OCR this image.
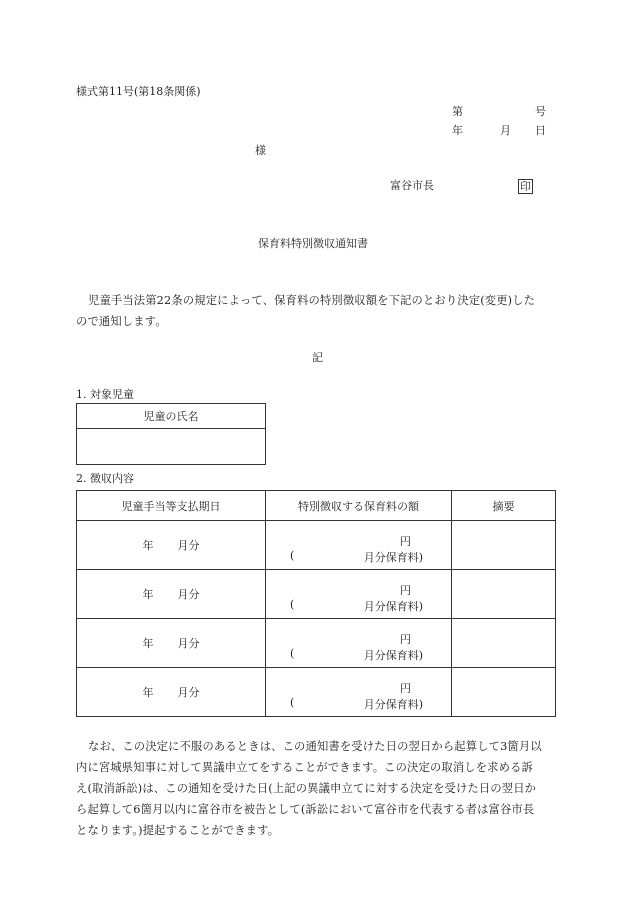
様式第11号(第18条関係)
第	号
年	月 日
様
富谷市長	印
保育料特別徴収通知書
児童手当法第22条の規定によって、保育料の特別徴収額を下記のとおり決定(変更)した
ので通知します。
記
1. 対象児童
児童の氏名

2. 徴収内容
児童手当等支払期日	特別徴収する保育料の額	摘要
年 月分	円
( 月分保育料)	

年 月分	円
( 月分保育料)	

年 月分	円
( 月分保育料)	

年 月分	円
( 月分保育料)	

なお、この決定に不服のあるときは、この通知書を受けた日の翌日から起算して3箇月以
内に宮城県知事に対して異議申立てをすることができます。この決定の取消しを求める訴
え(取消訴訟)は、この通知を受けた日(上記の異議申立てに対する決定を受けた日の翌日か
ら起算して6箇月以内に富谷市を被告として(訴訟において富谷市を代表する者は富谷市長
となります。)提起することができます。
